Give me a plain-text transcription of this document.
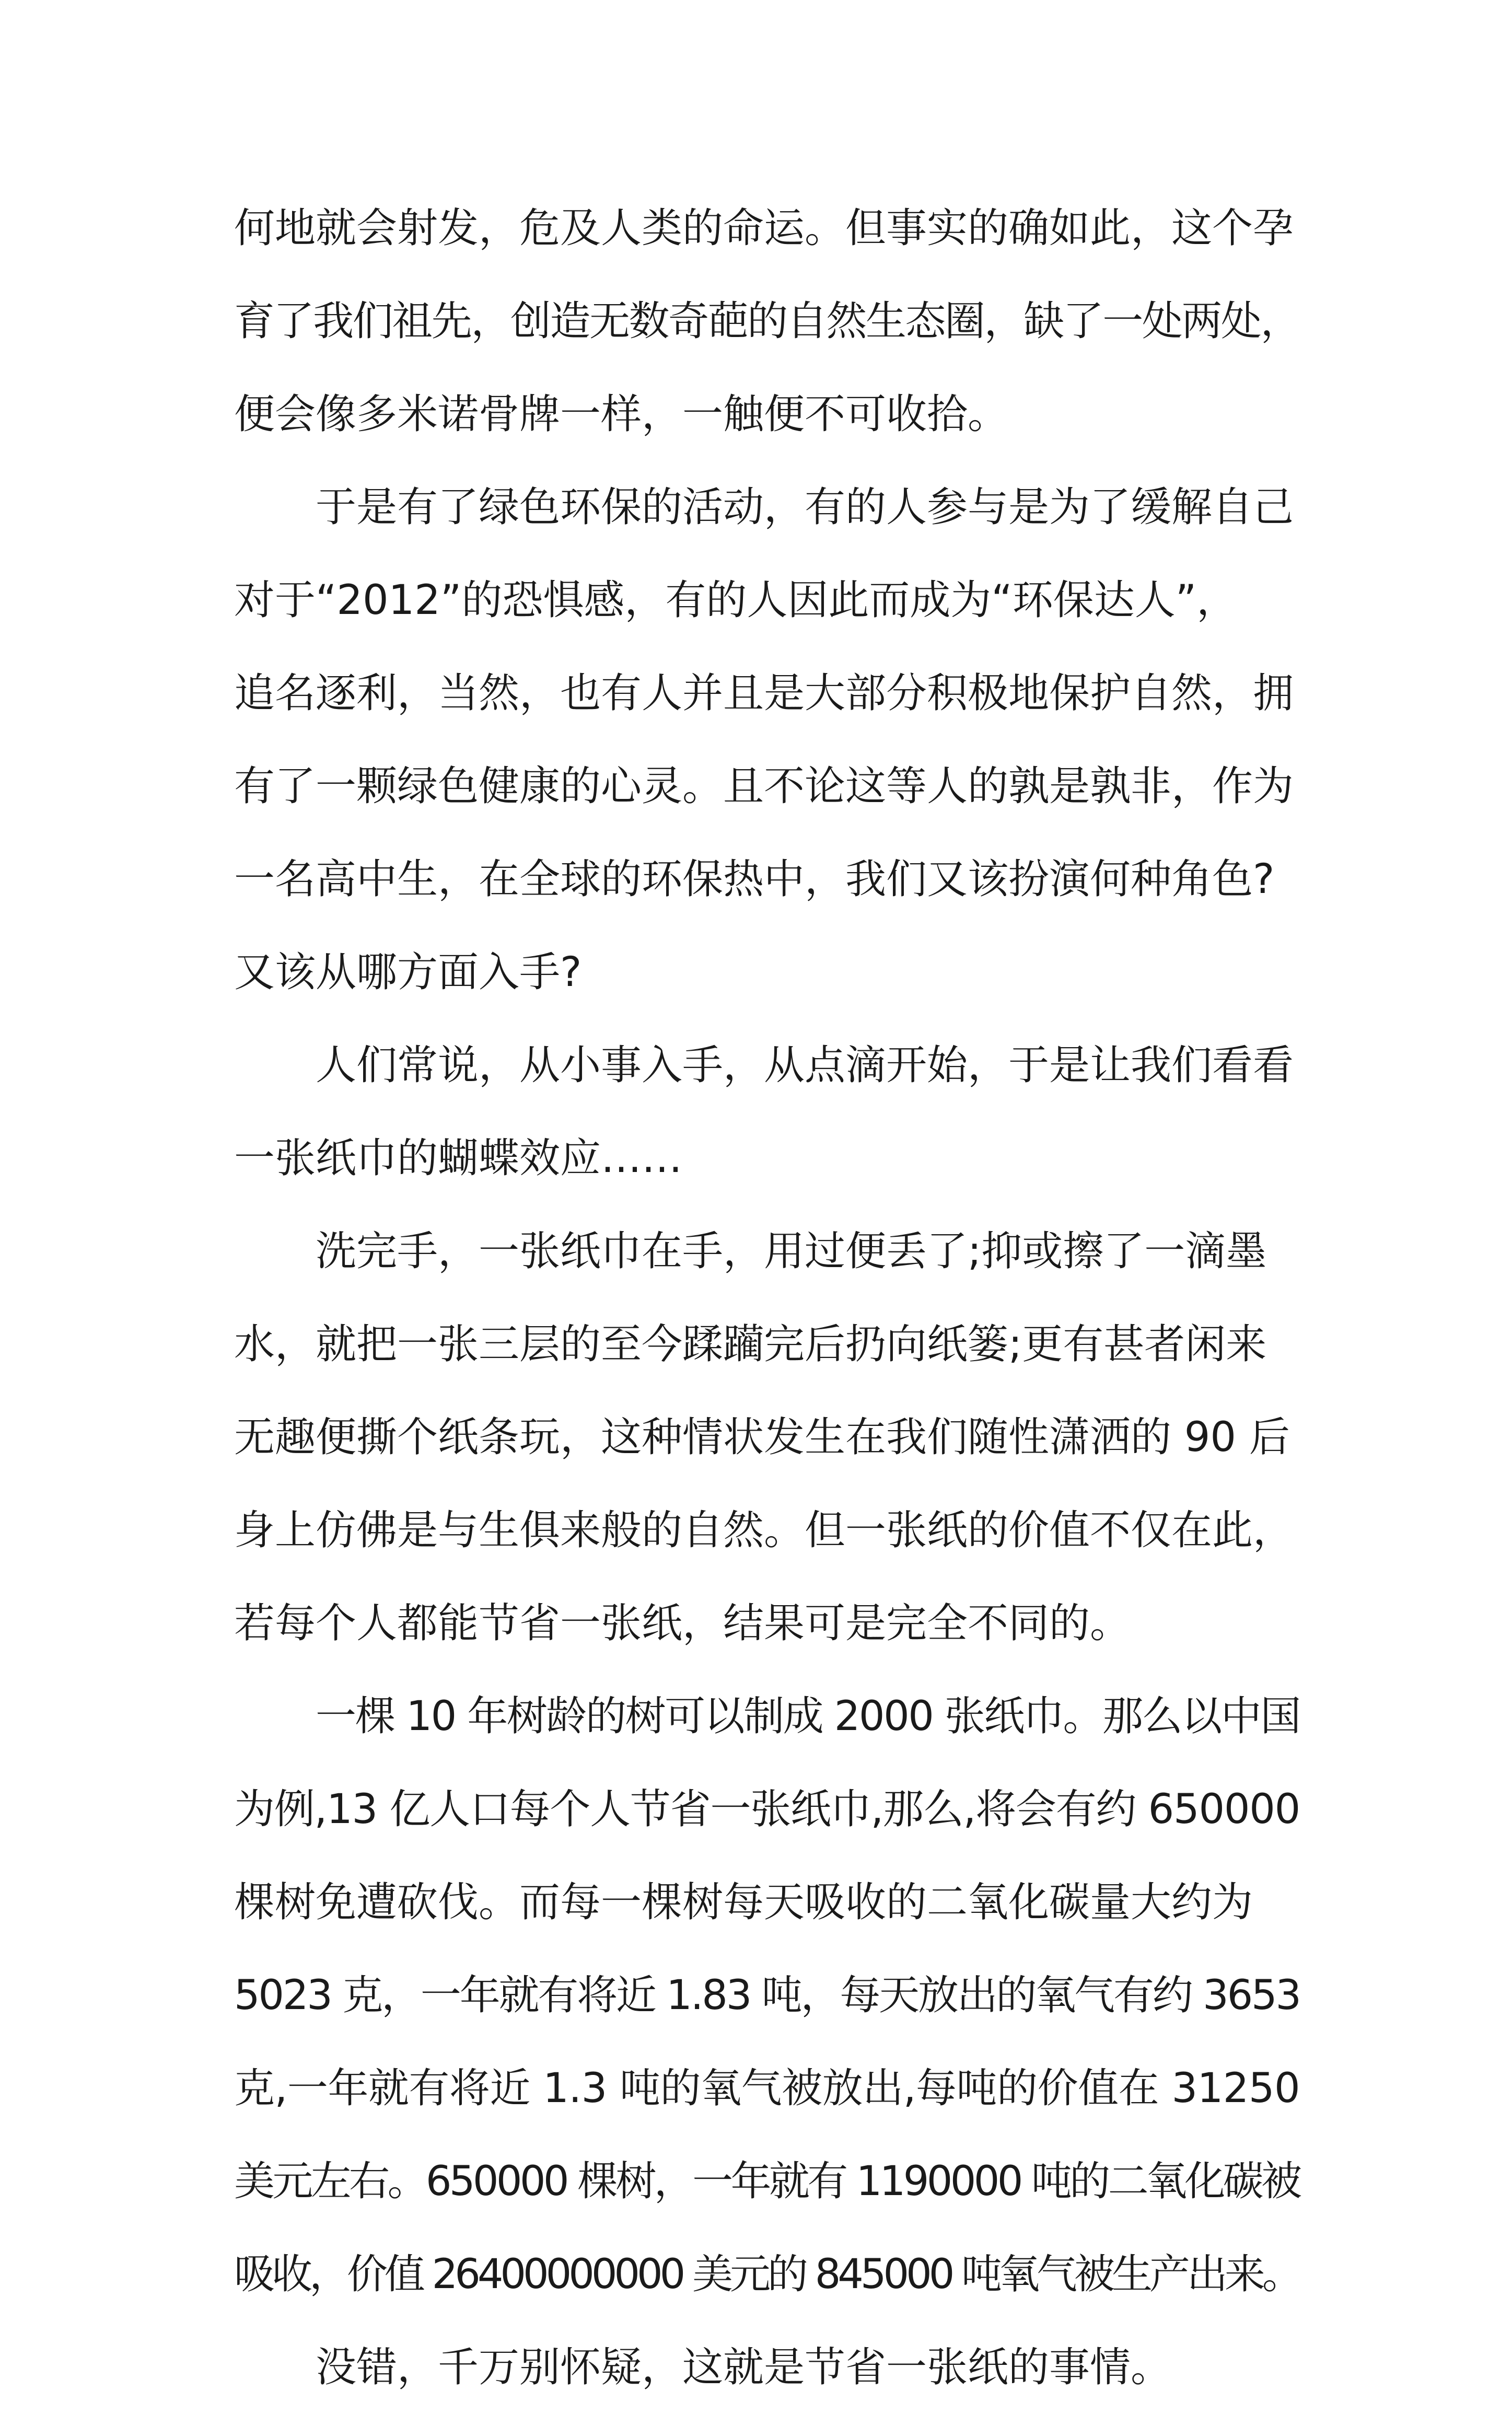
何地就会射发，危及人类的命运。但事实的确如此，这个孕
育了我们祖先，创造无数奇葩的自然生态圈，缺了一处两处，
便会像多米诺骨牌一样，一触便不可收拾。
于是有了绿色环保的活动，有的人参与是为了缓解自己
对于“2012”的恐惧感，有的人因此而成为“环保达人”，
追名逐利，当然，也有人并且是大部分积极地保护自然，拥
有了一颗绿色健康的心灵。且不论这等人的孰是孰非，作为
一名高中生，在全球的环保热中，我们又该扮演何种角色?
又该从哪方面入手?
人们常说，从小事入手，从点滴开始，于是让我们看看
一张纸巾的蝴蝶效应……
洗完手，一张纸巾在手，用过便丢了;抑或擦了一滴墨
水，就把一张三层的至今蹂躏完后扔向纸篓;更有甚者闲来
无趣便撕个纸条玩，这种情状发生在我们随性潇洒的 90 后
身上仿佛是与生俱来般的自然。但一张纸的价值不仅在此，
若每个人都能节省一张纸，结果可是完全不同的。
一棵 10 年树龄的树可以制成 2000 张纸巾。那么以中国
为例,13 亿人口每个人节省一张纸巾,那么,将会有约 650000
棵树免遭砍伐。而每一棵树每天吸收的二氧化碳量大约为
5023 克，一年就有将近 1.83 吨，每天放出的氧气有约 3653
克,一年就有将近 1.3 吨的氧气被放出,每吨的价值在 31250
美元左右。650000 棵树，一年就有 1190000 吨的二氧化碳被
吸收，价值 26400000000 美元的 845000 吨氧气被生产出来。
没错，千万别怀疑，这就是节省一张纸的事情。
